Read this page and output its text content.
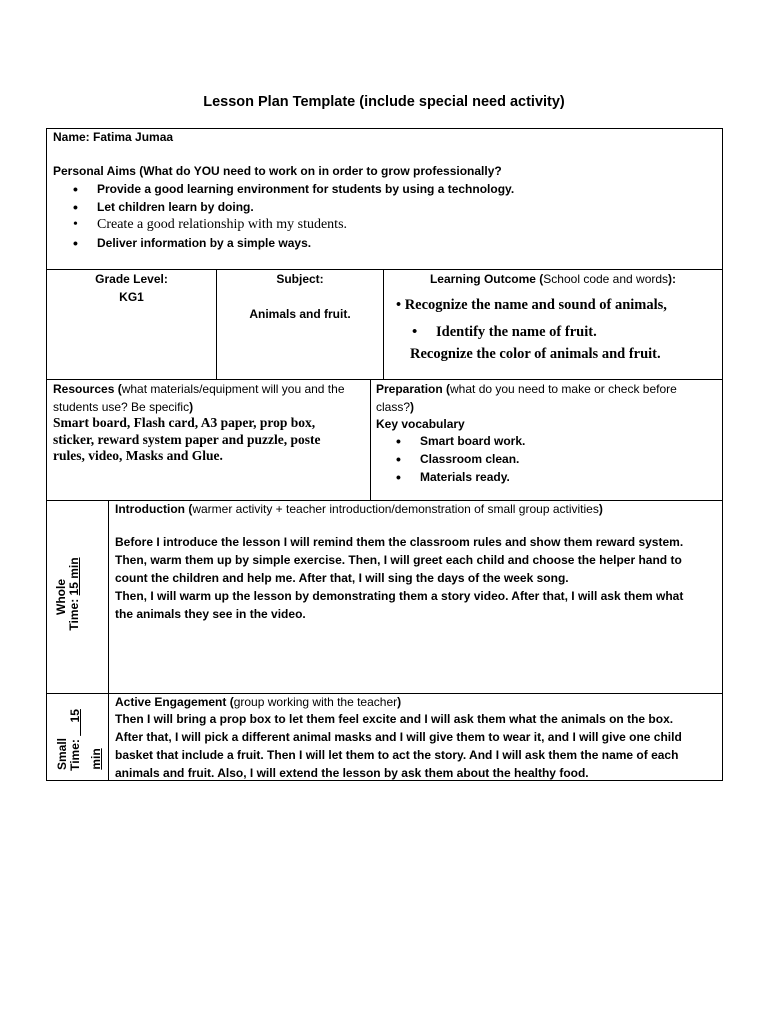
Lesson Plan Template (include special need activity)
Name: Fatima Jumaa
Personal Aims (What do YOU need to work on in order to grow professionally?
• Provide a good learning environment for students by using a technology.
• Let children learn by doing.
• Create a good relationship with my students.
• Deliver information by a simple ways.
Grade Level:
KG1
Subject:
Animals and fruit.
Learning Outcome (School code and words):
• Recognize the name and sound of animals,
• Identify the name of fruit.
Recognize the color of animals and fruit.
Resources (what materials/equipment will you and the students use? Be specific)
Smart board, Flash card, A3 paper, prop box, sticker, reward system paper and puzzle, poste rules, video, Masks and Glue.
Preparation (what do you need to make or check before class?)
Key vocabulary
• Smart board work.
• Classroom clean.
• Materials ready.
Whole Time: 15 min
Introduction (warmer activity + teacher introduction/demonstration of small group activities)
Before I introduce the lesson I will remind them the classroom rules and show them reward system.
Then, warm them up by simple exercise. Then, I will greet each child and choose the helper hand to
count the children and help me. After that, I will sing the days of the week song.
Then, I will warm up the lesson by demonstrating them a story video. After that, I will ask them what
the animals they see in the video.
Small Time: __15
min
Active Engagement (group working with the teacher)
Then I will bring a prop box to let them feel excite and I will ask them what the animals on the box.
After that, I will pick a different animal masks and I will give them to wear it, and I will give one child
basket that include a fruit. Then I will let them to act the story. And I will ask them the name of each
animals and fruit. Also, I will extend the lesson by ask them about the healthy food.
